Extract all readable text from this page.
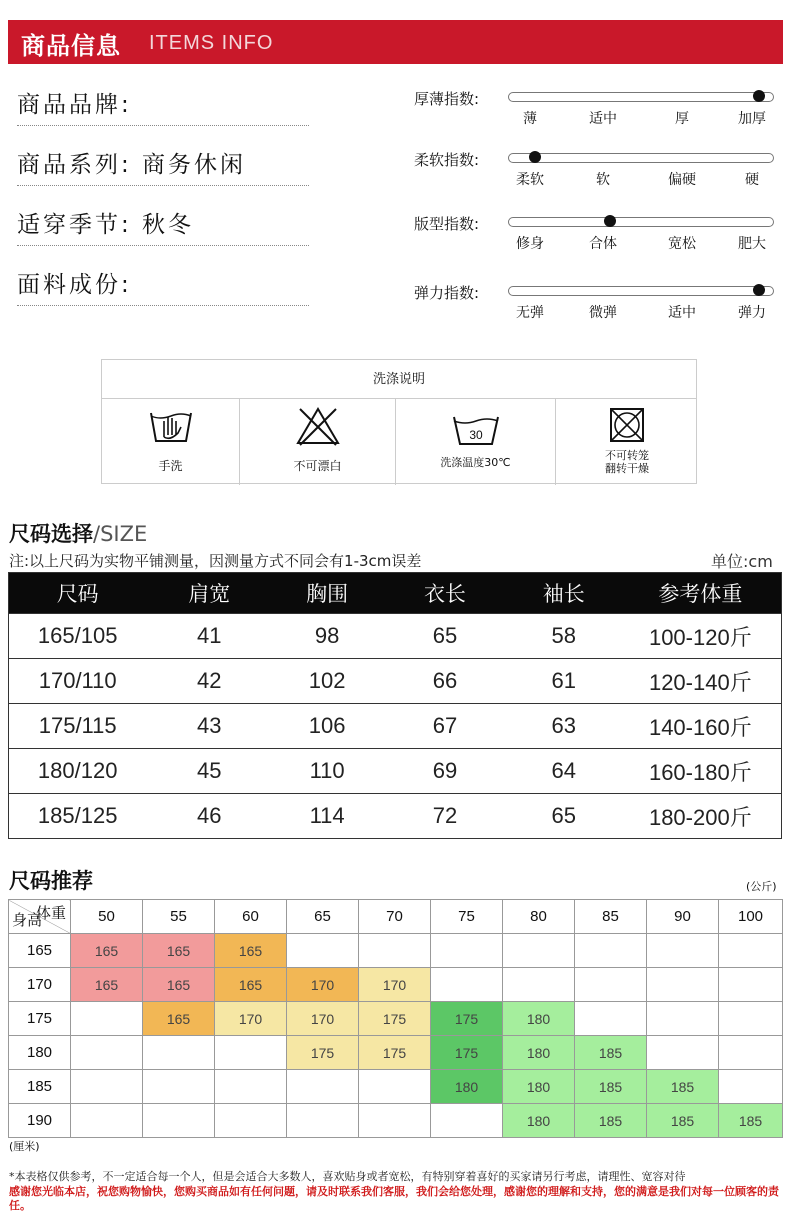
商品信息 ITEMS INFO
商品品牌:
商品系列: 商务休闲
适穿季节: 秋冬
面料成份:
厚薄指数:
薄	适中	厚	加厚
柔软指数:
柔软	软	偏硬	硬
版型指数:
修身	合体	宽松	肥大
弹力指数:
无弹	微弹	适中	弹力
洗涤说明
手洗	不可漂白
30
洗涤温度30℃
不可转笼
翻转干燥
尺码选择/SIZE
注:以上尺码为实物平铺测量，因测量方式不同会有1-3cm误差	单位:cm
尺码	肩宽	胸围	衣长	袖长	参考体重
165/105	41	98	65	58	100-120斤
170/110	42	102	66	61	120-140斤
175/115	43	106	67	63	140-160斤
180/120	45	110	69	64	160-180斤
185/125	46	114	72	65	180-200斤
尺码推荐	(公斤)
体重
身高	50	55	60	65	70	75	80	85	90	100
165	165	165	165							
170	165	165	165	170	170					
175		165	170	170	175	175	180			
180				175	175	175	180	185		
185						180	180	185	185	
190							180	185	185	185
(厘米)
*本表格仅供参考，不一定适合每一个人，但是会适合大多数人，喜欢贴身或者宽松，有特别穿着喜好的买家请另行考虑，请理性、宽容对待
感谢您光临本店，祝您购物愉快，您购买商品如有任何问题，请及时联系我们客服，我们会给您处理，感谢您的理解和支持，您的满意是我们对每一位顾客的责任。
